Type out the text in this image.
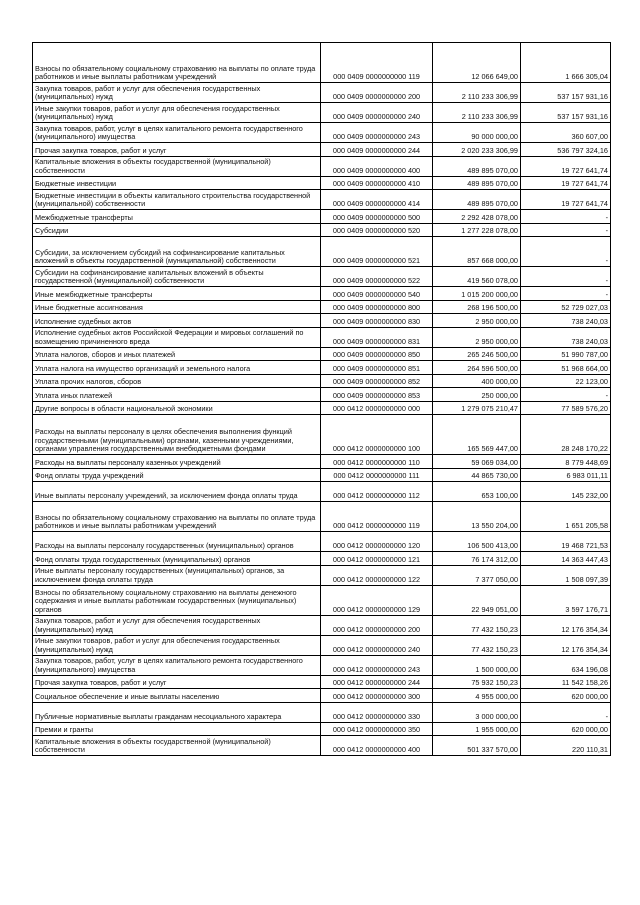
Взносы по обязательному социальному страхованию на выплаты по оплате труда работников и иные выплаты работникам учреждений	000 0409 0000000000 119	12 066 649,00	1 666 305,04

Закупка товаров, работ и услуг для обеспечения государственных (муниципальных) нужд	000 0409 0000000000 200	2 110 233 306,99	537 157 931,16

Иные закупки товаров, работ и услуг для обеспечения государственных (муниципальных) нужд	000 0409 0000000000 240	2 110 233 306,99	537 157 931,16

Закупка товаров, работ, услуг в целях капитального ремонта государственного (муниципального) имущества	000 0409 0000000000 243	90 000 000,00	360 607,00

Прочая закупка товаров, работ и услуг	000 0409 0000000000 244	2 020 233 306,99	536 797 324,16

Капитальные вложения в объекты государственной (муниципальной) собственности	000 0409 0000000000 400	489 895 070,00	19 727 641,74

Бюджетные инвестиции	000 0409 0000000000 410	489 895 070,00	19 727 641,74

Бюджетные инвестиции в объекты капитального строительства государственной (муниципальной) собственности	000 0409 0000000000 414	489 895 070,00	19 727 641,74

Межбюджетные трансферты	000 0409 0000000000 500	2 292 428 078,00	-

Субсидии	000 0409 0000000000 520	1 277 228 078,00	-

Субсидии, за исключением субсидий на софинансирование капитальных вложений в объекты государственной (муниципальной) собственности	000 0409 0000000000 521	857 668 000,00	-

Субсидии на софинансирование капитальных вложений в объекты государственной (муниципальной) собственности	000 0409 0000000000 522	419 560 078,00	-

Иные межбюджетные трансферты	000 0409 0000000000 540	1 015 200 000,00	-

Иные бюджетные ассигнования	000 0409 0000000000 800	268 196 500,00	52 729 027,03

Исполнение судебных актов	000 0409 0000000000 830	2 950 000,00	738 240,03

Исполнение судебных актов Российской Федерации и мировых соглашений по возмещению причиненного вреда	000 0409 0000000000 831	2 950 000,00	738 240,03

Уплата налогов, сборов и иных платежей	000 0409 0000000000 850	265 246 500,00	51 990 787,00

Уплата налога на имущество организаций и земельного налога	000 0409 0000000000 851	264 596 500,00	51 968 664,00

Уплата прочих налогов, сборов	000 0409 0000000000 852	400 000,00	22 123,00

Уплата иных платежей	000 0409 0000000000 853	250 000,00	-

Другие вопросы в области национальной экономики	000 0412 0000000000 000	1 279 075 210,47	77 589 576,20

Расходы на выплаты персоналу в целях обеспечения выполнения функций государственными (муниципальными) органами, казенными учреждениями, органами управления государственными внебюджетными фондами	000 0412 0000000000 100	165 569 447,00	28 248 170,22

Расходы на выплаты персоналу казенных учреждений	000 0412 0000000000 110	59 069 034,00	8 779 448,69

Фонд оплаты труда учреждений	000 0412 0000000000 111	44 865 730,00	6 983 011,11

Иные выплаты персоналу учреждений, за исключением фонда оплаты труда	000 0412 0000000000 112	653 100,00	145 232,00

Взносы по обязательному социальному страхованию на выплаты по оплате труда работников и иные выплаты работникам учреждений	000 0412 0000000000 119	13 550 204,00	1 651 205,58

Расходы на выплаты персоналу государственных (муниципальных) органов	000 0412 0000000000 120	106 500 413,00	19 468 721,53

Фонд оплаты труда государственных (муниципальных) органов	000 0412 0000000000 121	76 174 312,00	14 363 447,43

Иные выплаты персоналу государственных (муниципальных) органов, за исключением фонда оплаты труда	000 0412 0000000000 122	7 377 050,00	1 508 097,39

Взносы по обязательному социальному страхованию на выплаты денежного содержания и иные выплаты работникам государственных (муниципальных) органов	000 0412 0000000000 129	22 949 051,00	3 597 176,71

Закупка товаров, работ и услуг для обеспечения государственных (муниципальных) нужд	000 0412 0000000000 200	77 432 150,23	12 176 354,34

Иные закупки товаров, работ и услуг для обеспечения государственных (муниципальных) нужд	000 0412 0000000000 240	77 432 150,23	12 176 354,34

Закупка товаров, работ, услуг в целях капитального ремонта государственного (муниципального) имущества	000 0412 0000000000 243	1 500 000,00	634 196,08

Прочая закупка товаров, работ и услуг	000 0412 0000000000 244	75 932 150,23	11 542 158,26

Социальное обеспечение и иные выплаты населению	000 0412 0000000000 300	4 955 000,00	620 000,00

Публичные нормативные выплаты гражданам несоциального характера	000 0412 0000000000 330	3 000 000,00	-

Премии и гранты	000 0412 0000000000 350	1 955 000,00	620 000,00

Капитальные вложения в объекты государственной (муниципальной) собственности	000 0412 0000000000 400	501 337 570,00	220 110,31
